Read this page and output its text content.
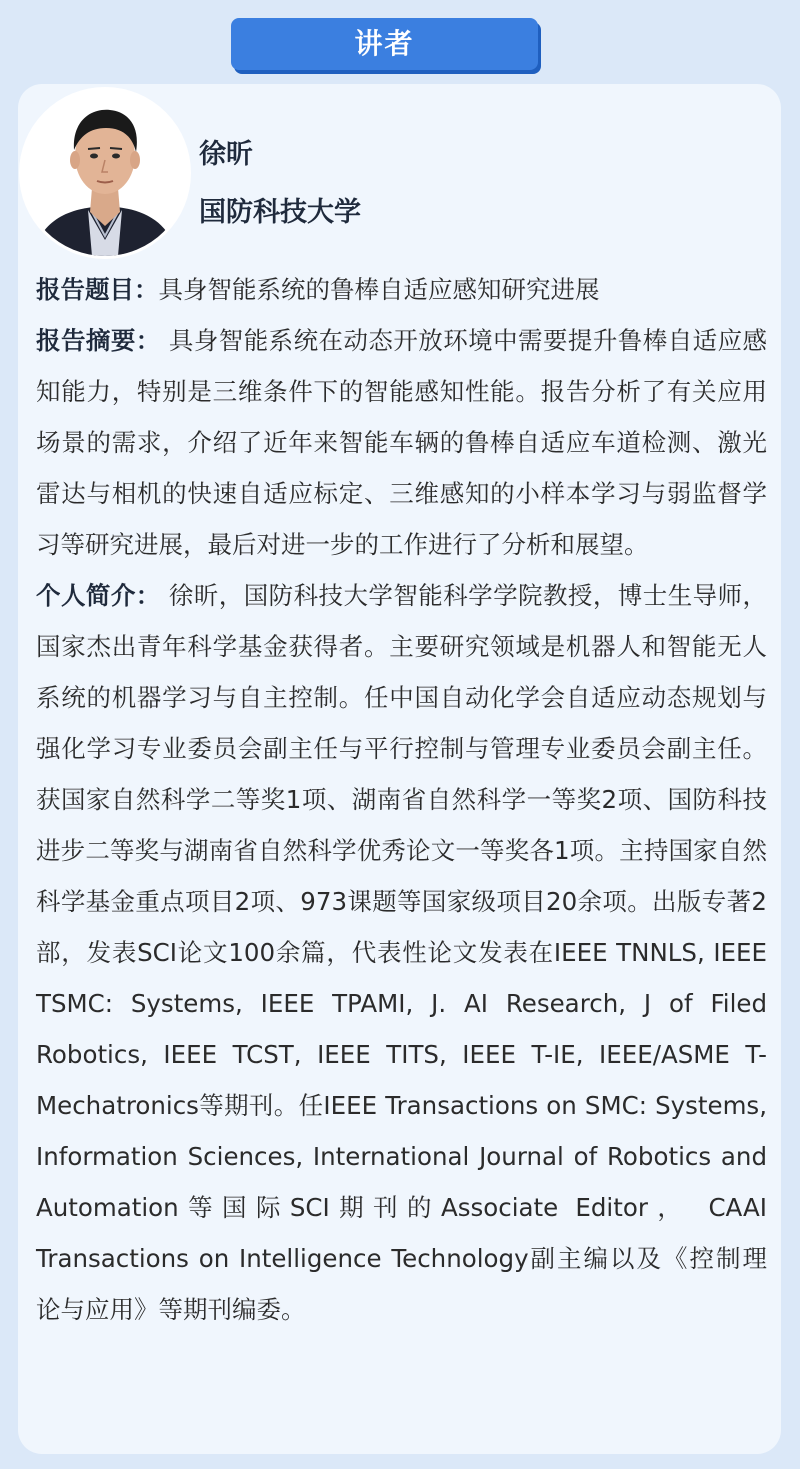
讲者
徐昕
国防科技大学

报告题目：具身智能系统的鲁棒自适应感知研究进展

报告摘要： 具身智能系统在动态开放环境中需要提升鲁棒自适应感知能力，特别是三维条件下的智能感知性能。报告分析了有关应用场景的需求，介绍了近年来智能车辆的鲁棒自适应车道检测、激光雷达与相机的快速自适应标定、三维感知的小样本学习与弱监督学习等研究进展，最后对进一步的工作进行了分析和展望。

个人简介： 徐昕，国防科技大学智能科学学院教授，博士生导师，国家杰出青年科学基金获得者。主要研究领域是机器人和智能无人系统的机器学习与自主控制。任中国自动化学会自适应动态规划与强化学习专业委员会副主任与平行控制与管理专业委员会副主任。获国家自然科学二等奖1项、湖南省自然科学一等奖2项、国防科技进步二等奖与湖南省自然科学优秀论文一等奖各1项。主持国家自然科学基金重点项目2项、973课题等国家级项目20余项。出版专著2部，发表SCI论文100余篇，代表性论文发表在IEEE TNNLS, IEEE TSMC: Systems, IEEE TPAMI, J. AI Research, J of Filed Robotics, IEEE TCST, IEEE TITS, IEEE T-IE, IEEE/ASME T-Mechatronics等期刊。任IEEE Transactions on SMC: Systems, Information Sciences, International Journal of Robotics and Automation等国际SCI期刊的Associate Editor， CAAI Transactions on Intelligence Technology副主编以及《控制理论与应用》等期刊编委。
